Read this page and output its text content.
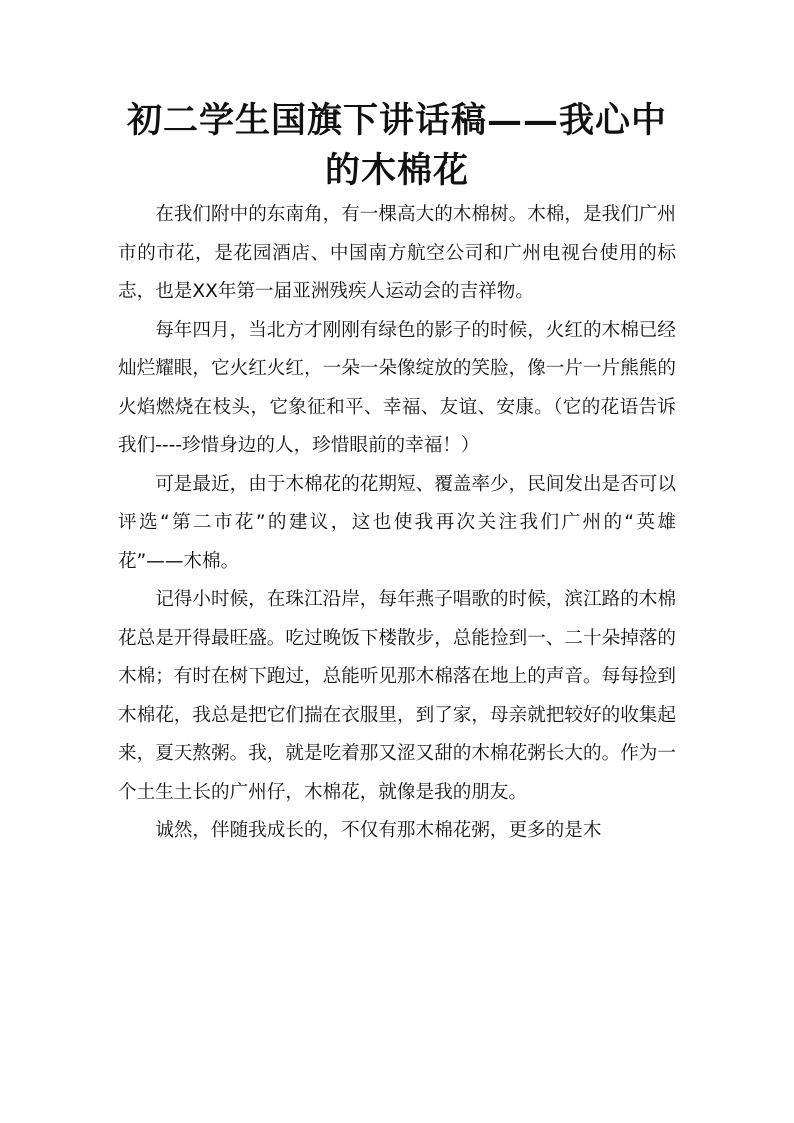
初二学生国旗下讲话稿——我心中的木棉花

在我们附中的东南角，有一棵高大的木棉树。木棉，是我们广州市的市花，是花园酒店、中国南方航空公司和广州电视台使用的标志，也是XX年第一届亚洲残疾人运动会的吉祥物。

每年四月，当北方才刚刚有绿色的影子的时候，火红的木棉已经灿烂耀眼，它火红火红，一朵一朵像绽放的笑脸，像一片一片熊熊的火焰燃烧在枝头，它象征和平、幸福、友谊、安康。（它的花语告诉我们----珍惜身边的人，珍惜眼前的幸福！）

可是最近，由于木棉花的花期短、覆盖率少，民间发出是否可以评选“第二市花”的建议，这也使我再次关注我们广州的“英雄花”——木棉。

记得小时候，在珠江沿岸，每年燕子唱歌的时候，滨江路的木棉花总是开得最旺盛。吃过晚饭下楼散步，总能捡到一、二十朵掉落的木棉；有时在树下跑过，总能听见那木棉落在地上的声音。每每捡到木棉花，我总是把它们揣在衣服里，到了家，母亲就把较好的收集起来，夏天熬粥。我，就是吃着那又涩又甜的木棉花粥长大的。作为一个土生土长的广州仔，木棉花，就像是我的朋友。

诚然，伴随我成长的，不仅有那木棉花粥，更多的是木
